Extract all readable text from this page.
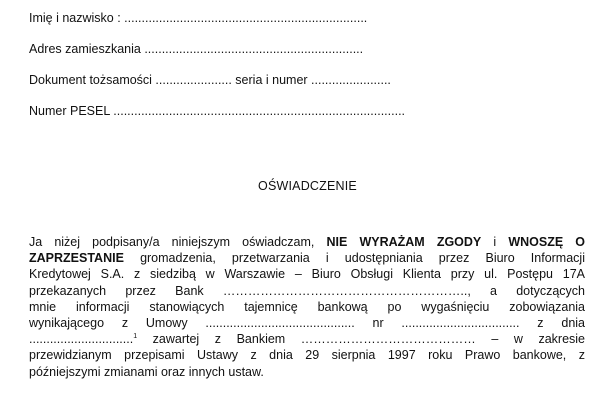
Imię i nazwisko : ......................................................................
Adres zamieszkania ...............................................................
Dokument tożsamości ...................... seria i numer .......................
Numer PESEL ....................................................................................
OŚWIADCZENIE
Ja niżej podpisany/a niniejszym oświadczam, NIE WYRAŻAM ZGODY i WNOSZĘ O
ZAPRZESTANIE gromadzenia, przetwarzania i udostępniania przez Biuro Informacji
Kredytowej S.A. z siedzibą w Warszawie – Biuro Obsługi Klienta przy ul. Postępu 17A
przekazanych przez Bank ………………………………………………….., a dotyczących
mnie informacji stanowiących tajemnicę bankową po wygaśnięciu zobowiązania
wynikającego z Umowy ........................................... nr .................................. z dnia
..............................$^1$ zawartej z Bankiem …………………………………… – w zakresie
przewidzianym przepisami Ustawy z dnia 29 sierpnia 1997 roku Prawo bankowe, z
późniejszymi zmianami oraz innych ustaw.
